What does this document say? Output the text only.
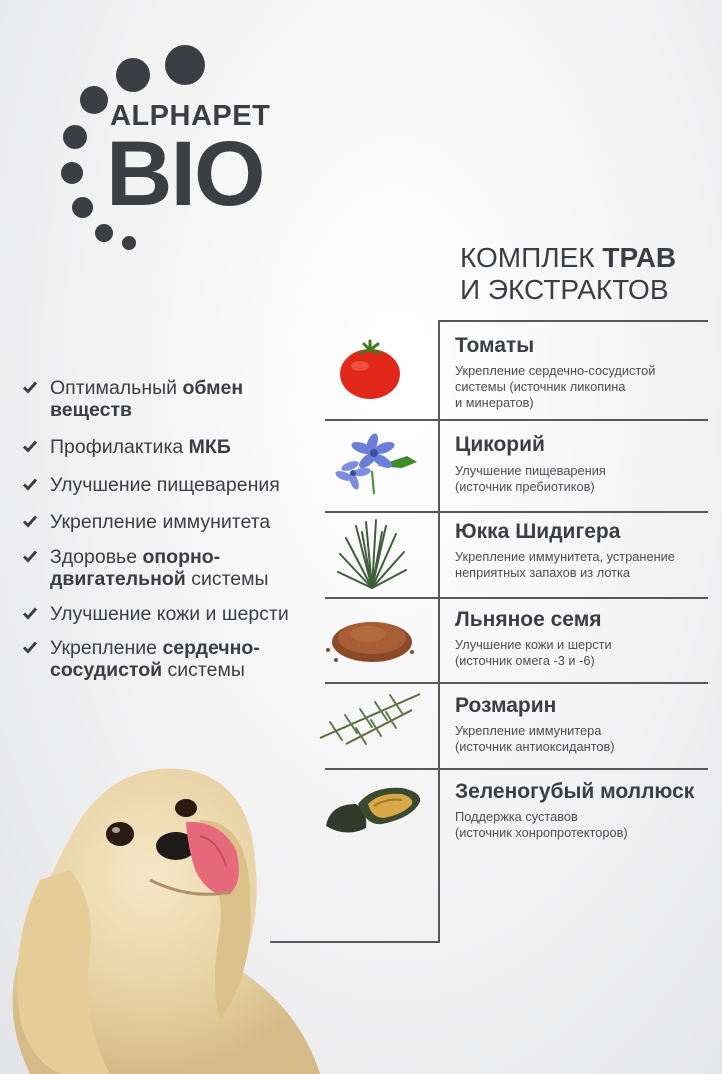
ALPHAPET
BIO
КОМПЛЕК ТРАВ
И ЭКСТРАКТОВ
Оптимальный обмен
веществ
Профилактика МКБ
Улучшение пищеварения
Укрепление иммунитета
Здоровье опорно-
двигательной системы
Улучшение кожи и шерсти
Укрепление сердечно-
сосудистой системы
Томаты
Укрепление сердечно-сосудистой
системы (источник ликопина
и минератов)
Цикорий
Улучшение пищеварения
(источник пребиотиков)
Юкка Шидигера
Укрепление иммунитета, устранение
неприятных запахов из лотка
Льняное семя
Улучшение кожи и шерсти
(источник омега -3 и -6)
Розмарин
Укрепление иммунитера
(источник антиоксидантов)
Зеленогубый моллюск
Поддержка суставов
(источник хонропротекторов)
